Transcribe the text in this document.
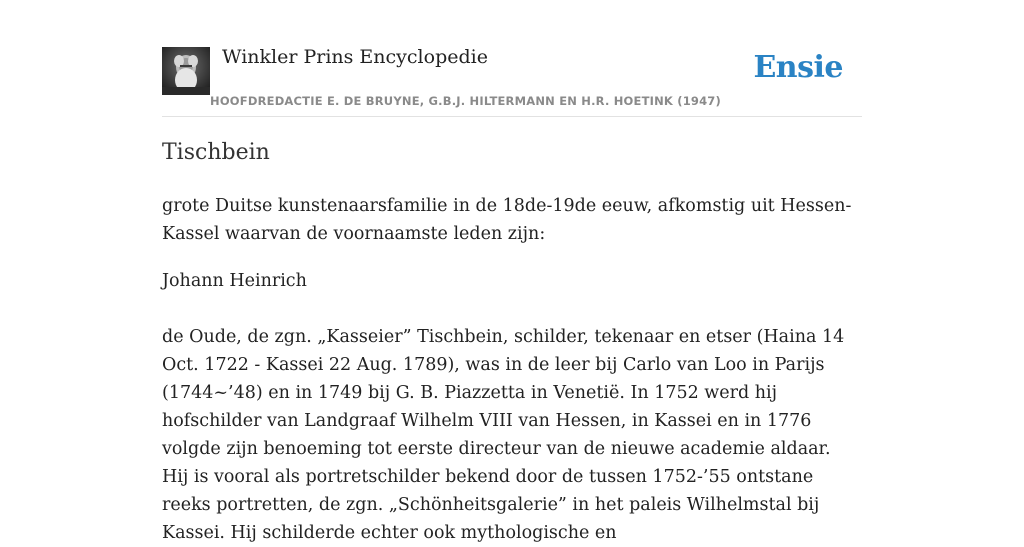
Winkler Prins Encyclopedie
HOOFDREDACTIE E. DE BRUYNE, G.B.J. HILTERMANN EN H.R. HOETINK (1947)
Ensie
Tischbein

grote Duitse kunstenaarsfamilie in de 18de-19de eeuw, afkomstig uit Hessen-Kassel waarvan de voornaamste leden zijn:

Johann Heinrich

de Oude, de zgn. „Kasseier” Tischbein, schilder, tekenaar en etser (Haina 14 Oct. 1722 - Kassei 22 Aug. 1789), was in de leer bij Carlo van Loo in Parijs (1744~’48) en in 1749 bij G. B. Piazzetta in Venetië. In 1752 werd hij hofschilder van Landgraaf Wilhelm VIII van Hessen, in Kassei en in 1776 volgde zijn benoeming tot eerste directeur van de nieuwe academie aldaar. Hij is vooral als portretschilder bekend door de tussen 1752-’55 ontstane reeks portretten, de zgn. „Schönheitsgalerie” in het paleis Wilhelmstal bij Kassei. Hij schilderde echter ook mythologische en
